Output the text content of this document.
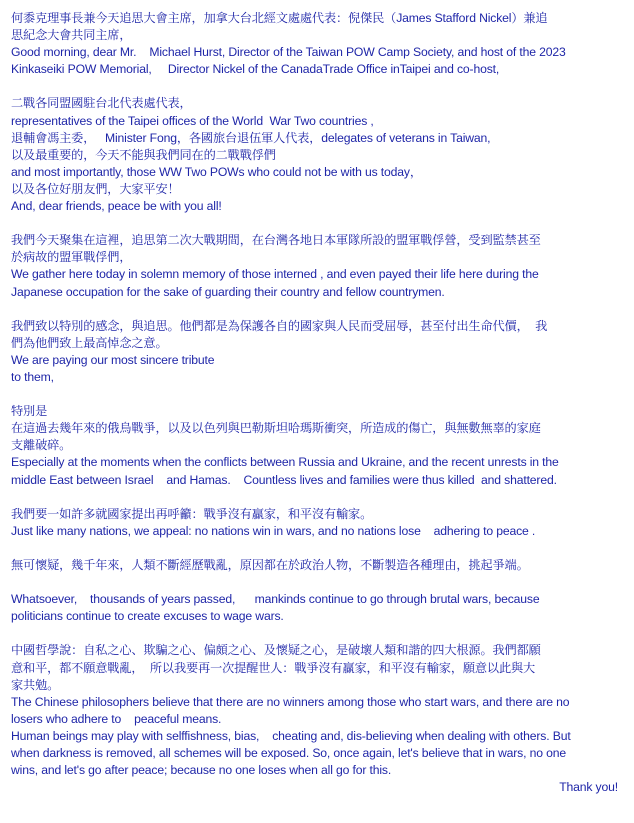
何黍克理事長兼今天追思大會主席，加拿大台北經文處處代表：倪傑民（James Stafford Nickel）兼追
思紀念大會共同主席，
Good morning, dear Mr.    Michael Hurst, Director of the Taiwan POW Camp Society, and host of the 2023
Kinkaseiki POW Memorial,     Director Nickel of the CanadaTrade Office inTaipei and co-host,
二戰各同盟國駐台北代表處代表，
representatives of the Taipei offices of the World  War Two countries ,
退輔會馮主委，   Minister Fong，各國旅台退伍軍人代表，delegates of veterans in Taiwan,
以及最重要的，今天不能與我們同在的二戰戰俘們
and most importantly, those WW Two POWs who could not be with us today，
以及各位好朋友們，大家平安！
And, dear friends, peace be with you all!
我們今天聚集在這裡，追思第二次大戰期間，在台灣各地日本軍隊所設的盟軍戰俘營，受到監禁甚至
於病故的盟軍戰俘們，
We gather here today in solemn memory of those interned , and even payed their life here during the
Japanese occupation for the sake of guarding their country and fellow countrymen.
我們致以特別的感念，與追思。他們都是為保護各自的國家與人民而受屈辱，甚至付出生命代價，  我
們為他們致上最高悼念之意。
We are paying our most sincere tribute
to them,
特別是
在這過去幾年來的俄烏戰爭，以及以色列與巴勒斯坦哈瑪斯衝突，所造成的傷亡，與無數無辜的家庭
支離破碎。
Especially at the moments when the conflicts between Russia and Ukraine, and the recent unrests in the
middle East between Israel    and Hamas.    Countless lives and families were thus killed  and shattered.
我們要一如許多就國家提出再呼籲：戰爭沒有贏家，和平沒有輸家。
Just like many nations, we appeal: no nations win in wars, and no nations lose    adhering to peace .
無可懷疑，幾千年來，人類不斷經歷戰亂，原因都在於政治人物，不斷製造各種理由，挑起爭端。
Whatsoever,    thousands of years passed,      mankinds continue to go through brutal wars, because
politicians continue to create excuses to wage wars.
中國哲學說：自私之心、欺騙之心、偏頗之心、及懷疑之心，是破壞人類和諧的四大根源。我們都願
意和平，都不願意戰亂，  所以我要再一次提醒世人：戰爭沒有贏家，和平沒有輸家，願意以此與大
家共勉。
The Chinese philosophers believe that there are no winners among those who start wars, and there are no
losers who adhere to    peaceful means.
Human beings may play with selffishness, bias,    cheating and, dis-believing when dealing with others. But
when darkness is removed, all schemes will be exposed. So, once again, let's believe that in wars, no one
wins, and let's go after peace; because no one loses when all go for this.
Thank you!
